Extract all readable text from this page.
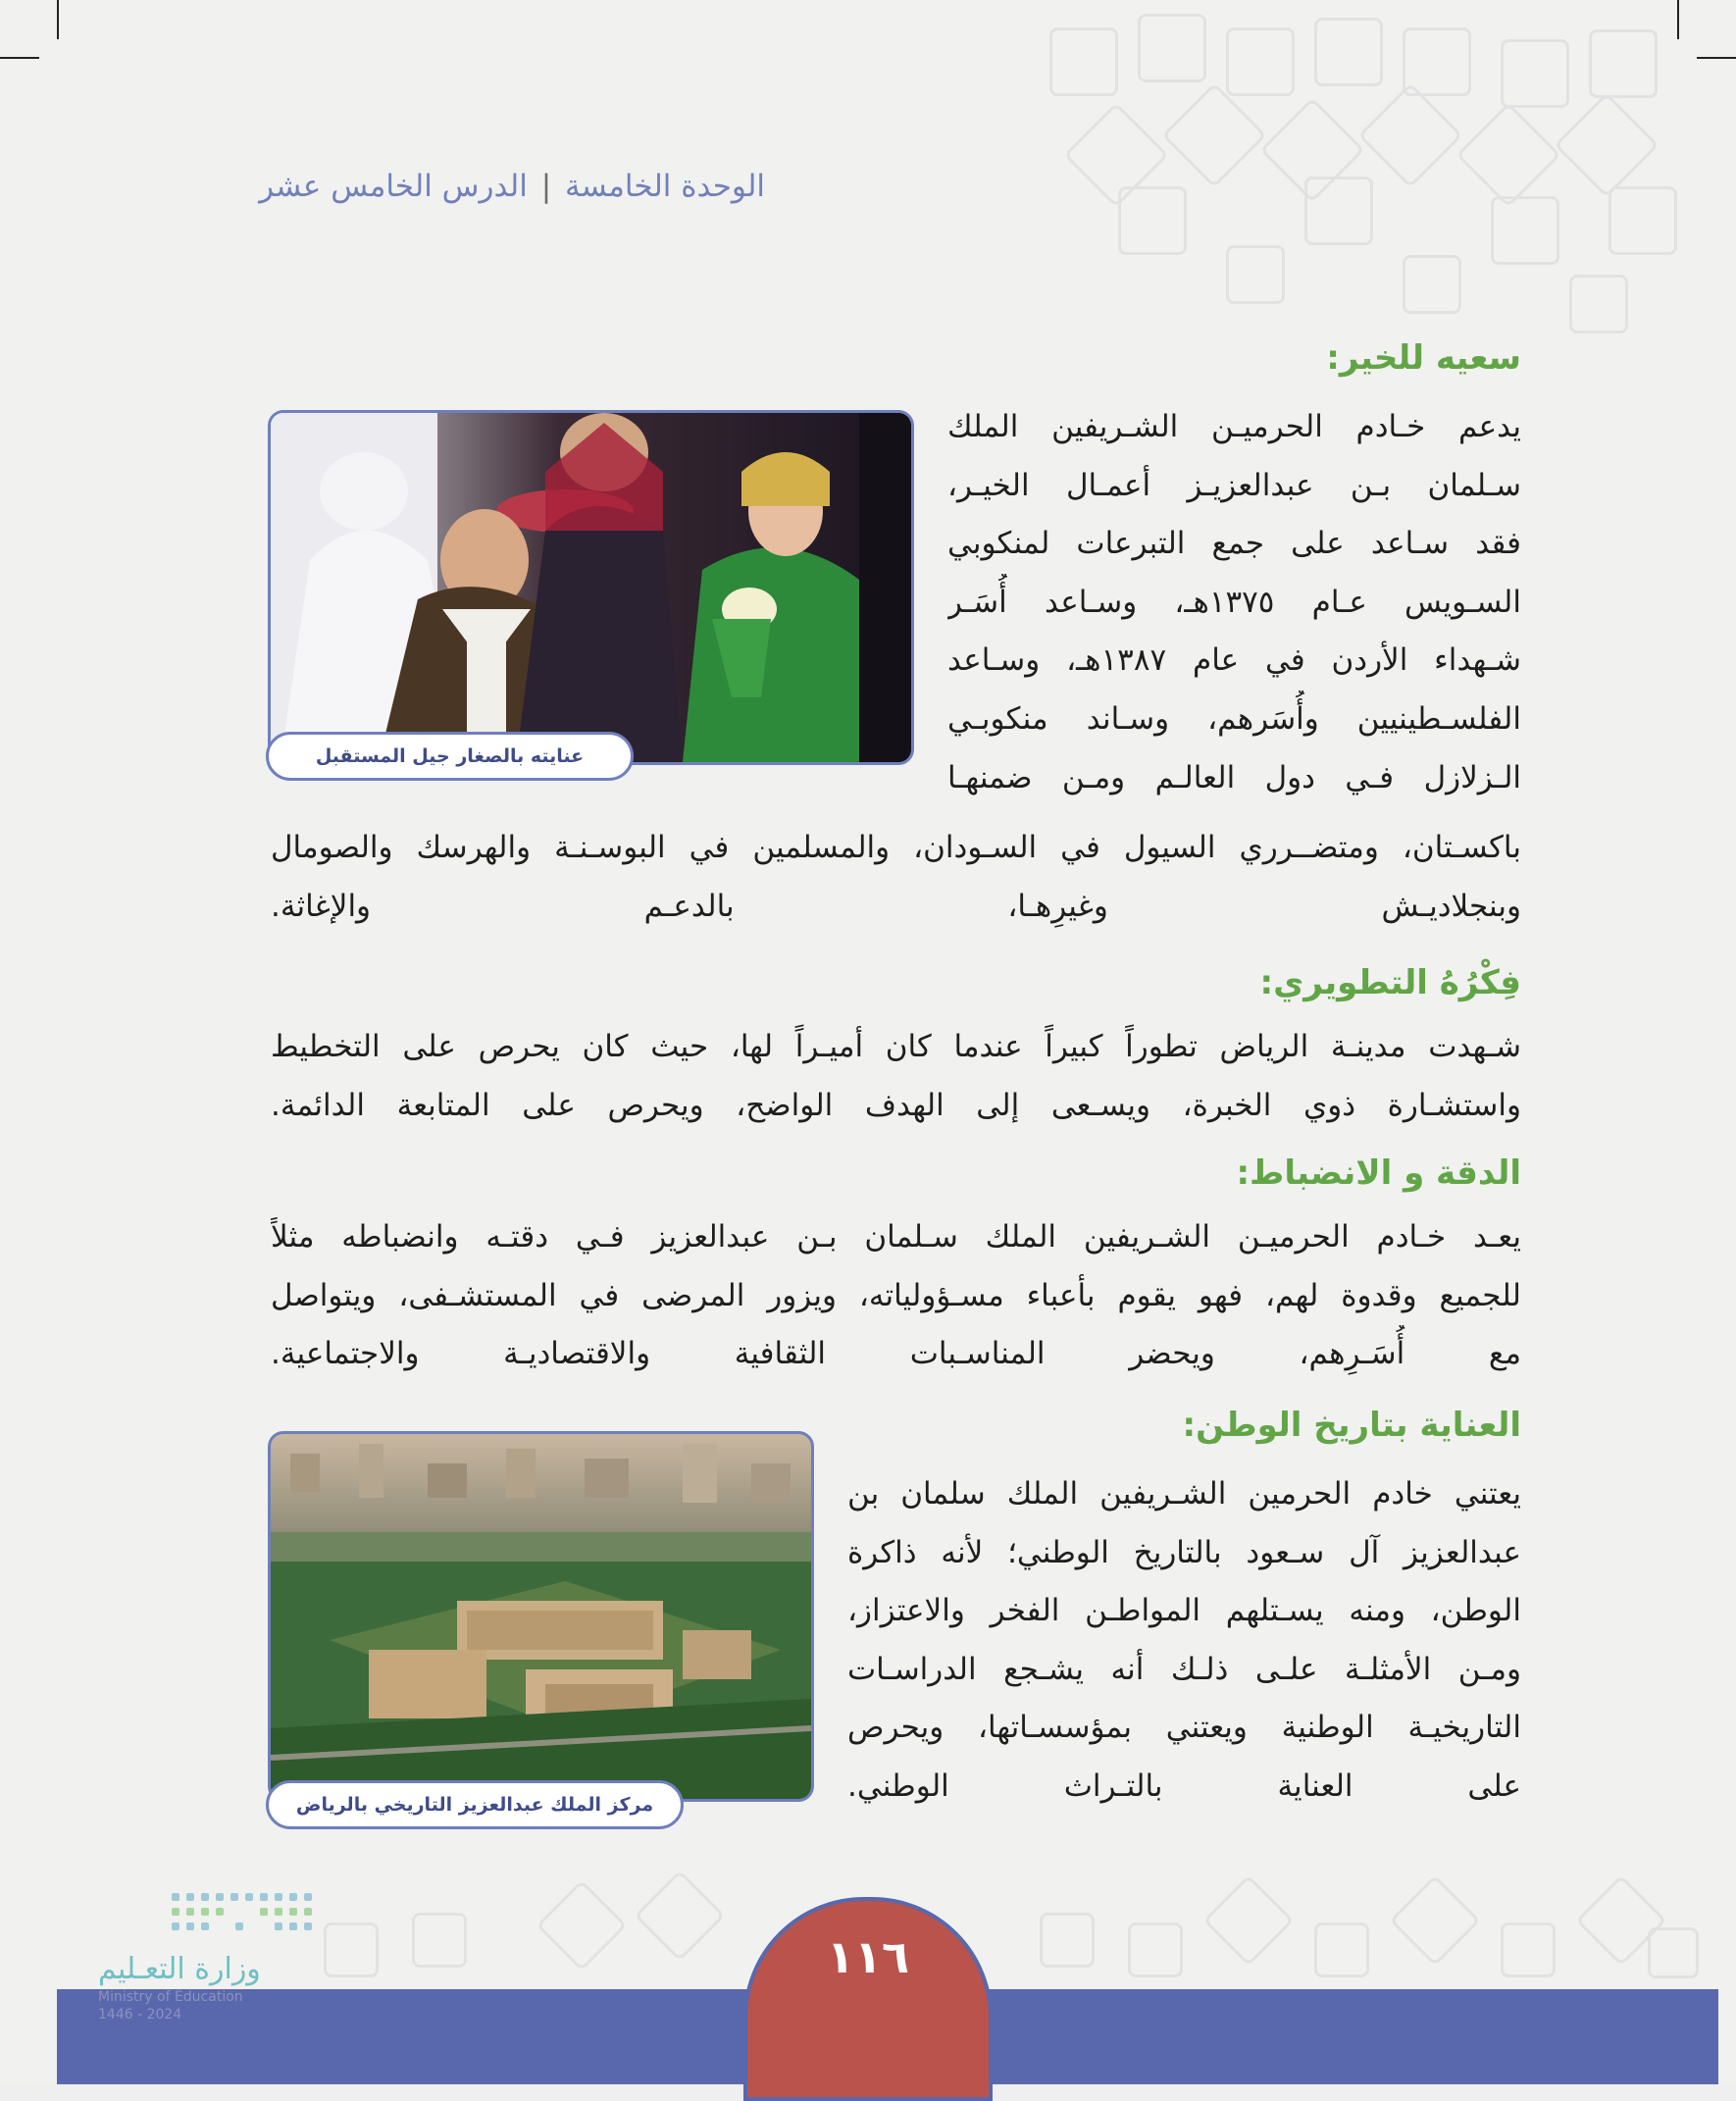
الوحدة الخامسة | الدرس الخامس عشر
سعيه للخير:
يدعم خـادم الحرميـن الشـريفين الملك
سـلمان بـن عبدالعزيـز أعمـال الخيـر،
فقد سـاعد على جمع التبرعات لمنكوبي
السـويس عـام ١٣٧٥هـ، وسـاعد أُسَـر
شـهداء الأردن في عام ١٣٨٧هـ، وسـاعد
الفلسـطينيين وأُسَرهم، وسـاند منكوبـي
الـزلازل فـي دول العالـم ومـن ضمنهـا
باكسـتان، ومتضــرري السيول في السـودان، والمسلمين في البوسـنـة والهرسك والصومال
وبنجلاديـش وغيرِهـا، بالدعـم والإغاثة.
عنايته بالصغار جيل المستقبل
فِكْرُهُ التطويري:
شـهدت مدينـة الرياض تطوراً كبيراً عندما كان أميـراً لها، حيث كان يحرص على التخطيط
واستشـارة ذوي الخبرة، ويسـعى إلى الهدف الواضح، ويحرص على المتابعة الدائمة.
الدقة و الانضباط:
يعـد خـادم الحرميـن الشـريفين الملك سـلمان بـن عبدالعزيز فـي دقتـه وانضباطه مثلاً
للجميع وقدوة لهم، فهو يقوم بأعباء مسـؤولياته، ويزور المرضى في المستشـفى، ويتواصل
مع أُسَـرِهم، ويحضر المناسـبات الثقافية والاقتصاديـة والاجتماعية.
العناية بتاريخ الوطن:
يعتني خادم الحرمين الشـريفين الملك سلمان بن
عبدالعزيز آل سـعود بالتاريخ الوطني؛ لأنه ذاكرة
الوطن، ومنه يسـتلهم المواطـن الفخر والاعتزاز،
ومـن الأمثلـة علـى ذلـك أنه يشـجع الدراسـات
التاريخيـة الوطنية ويعتني بمؤسسـاتها، ويحرص
على العناية بالتـراث الوطني.
مركز الملك عبدالعزيز التاريخي بالرياض
١١٦
وزارة التعـليم
Ministry of Education
2024 - 1446
